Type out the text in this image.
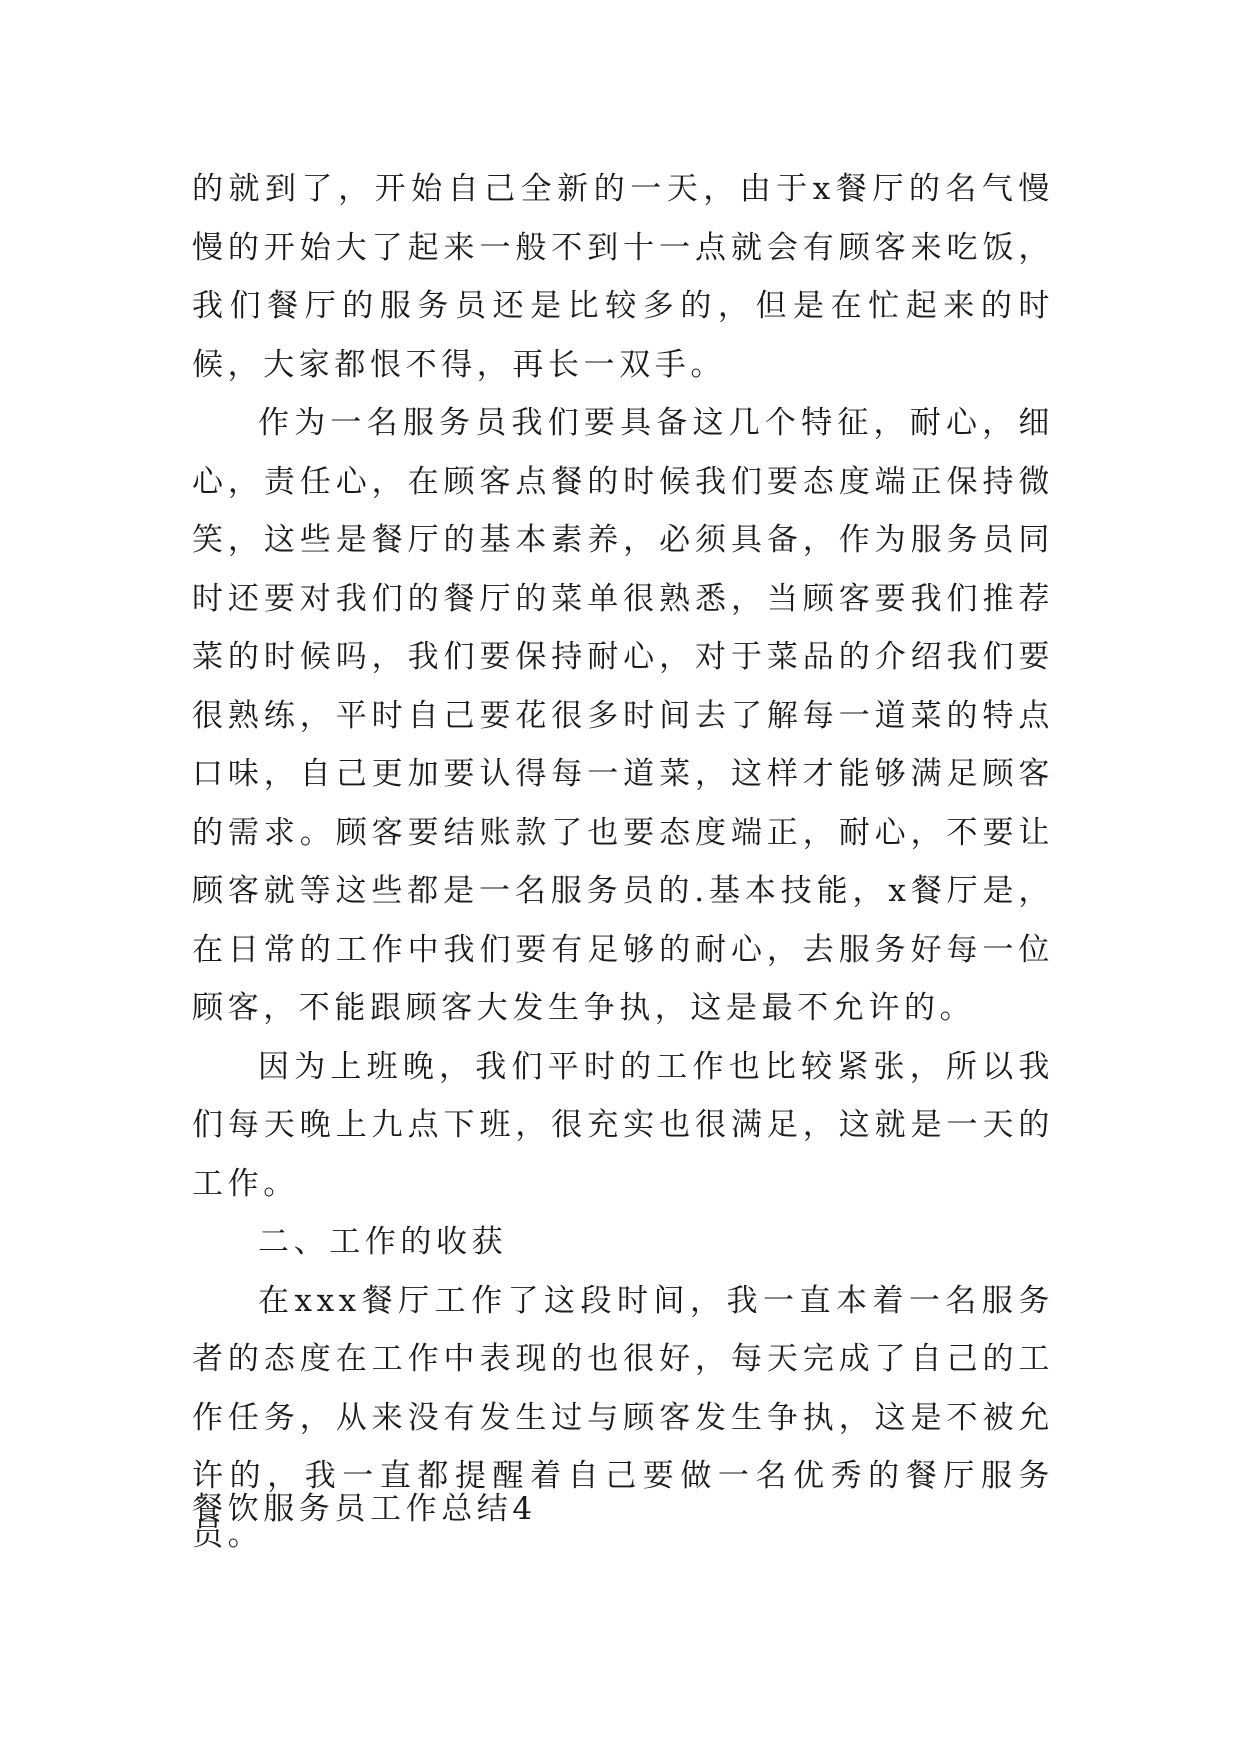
的就到了，开始自己全新的一天，由于x餐厅的名气慢慢的开始大了起来一般不到十一点就会有顾客来吃饭，我们餐厅的服务员还是比较多的，但是在忙起来的时候，大家都恨不得，再长一双手。

作为一名服务员我们要具备这几个特征，耐心，细心，责任心，在顾客点餐的时候我们要态度端正保持微笑，这些是餐厅的基本素养，必须具备，作为服务员同时还要对我们的餐厅的菜单很熟悉，当顾客要我们推荐菜的时候吗，我们要保持耐心，对于菜品的介绍我们要很熟练，平时自己要花很多时间去了解每一道菜的特点口味，自己更加要认得每一道菜，这样才能够满足顾客的需求。顾客要结账款了也要态度端正，耐心，不要让顾客就等这些都是一名服务员的.基本技能，x餐厅是，在日常的工作中我们要有足够的耐心，去服务好每一位顾客，不能跟顾客大发生争执，这是最不允许的。

因为上班晚，我们平时的工作也比较紧张，所以我们每天晚上九点下班，很充实也很满足，这就是一天的工作。

二、工作的收获

在xxx餐厅工作了这段时间，我一直本着一名服务者的态度在工作中表现的也很好，每天完成了自己的工作任务，从来没有发生过与顾客发生争执，这是不被允许的，我一直都提醒着自己要做一名优秀的餐厅服务员。

餐饮服务员工作总结4
